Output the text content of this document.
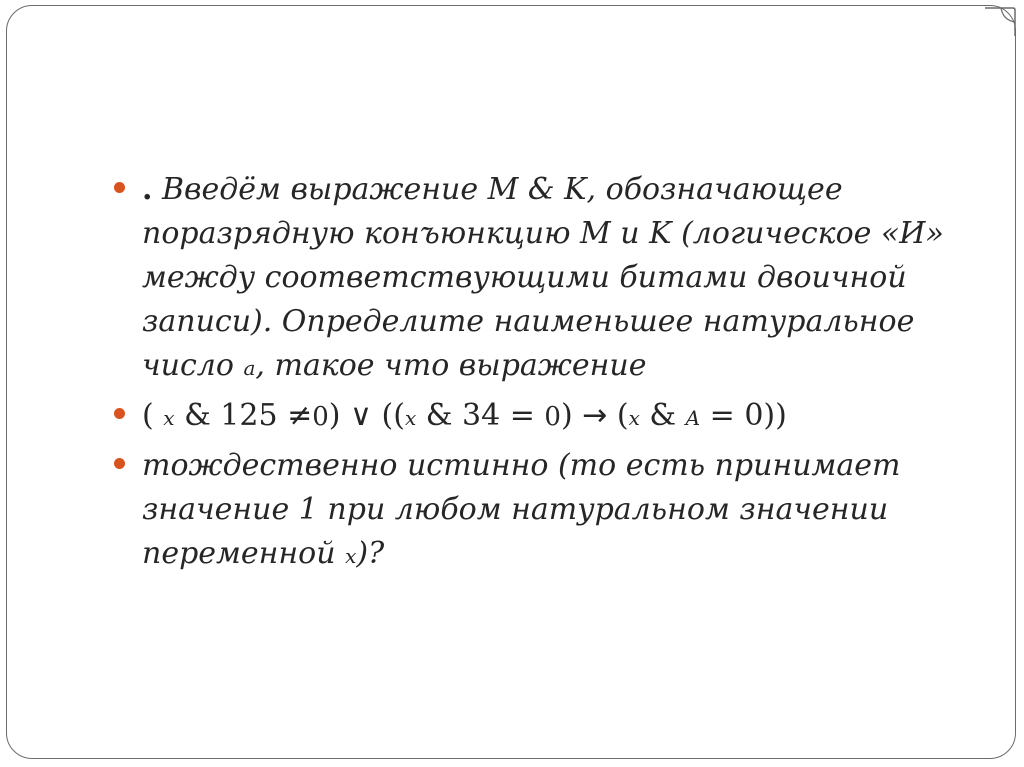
. Введём выражение M & K, обозначающее
поразрядную конъюнкцию M и K (логическое «И»
между соответствующими битами двоичной
записи). Определите наименьшее натуральное
число a, такое что выражение
( x & 125 ≠0) ∨ ((x & 34 = 0) → (x & A = 0))
тождественно истинно (то есть принимает
значение 1 при любом натуральном значении
переменной x)?
